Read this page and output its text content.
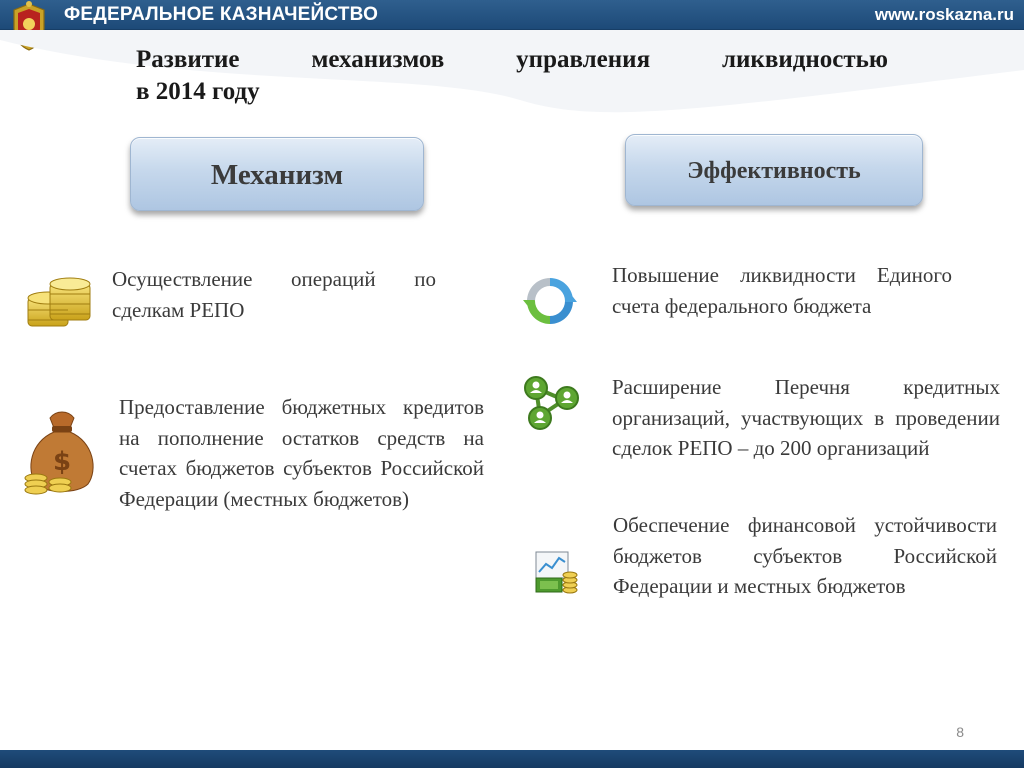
ФЕДЕРАЛЬНОЕ КАЗНАЧЕЙСТВО	www.roskazna.ru
Развитие механизмов управления ликвидностью
в 2014 году
Механизм	Эффективность
Осуществление операций по сделкам РЕПО
$
Предоставление бюджетных кредитов на пополнение остатков средств на счетах бюджетов субъектов Российской Федерации (местных бюджетов)
Повышение ликвидности Единого счета федерального бюджета
Расширение Перечня кредитных организаций, участвующих в проведении сделок РЕПО – до 200 организаций
Обеспечение финансовой устойчивости бюджетов субъектов Российской Федерации и местных бюджетов
8
